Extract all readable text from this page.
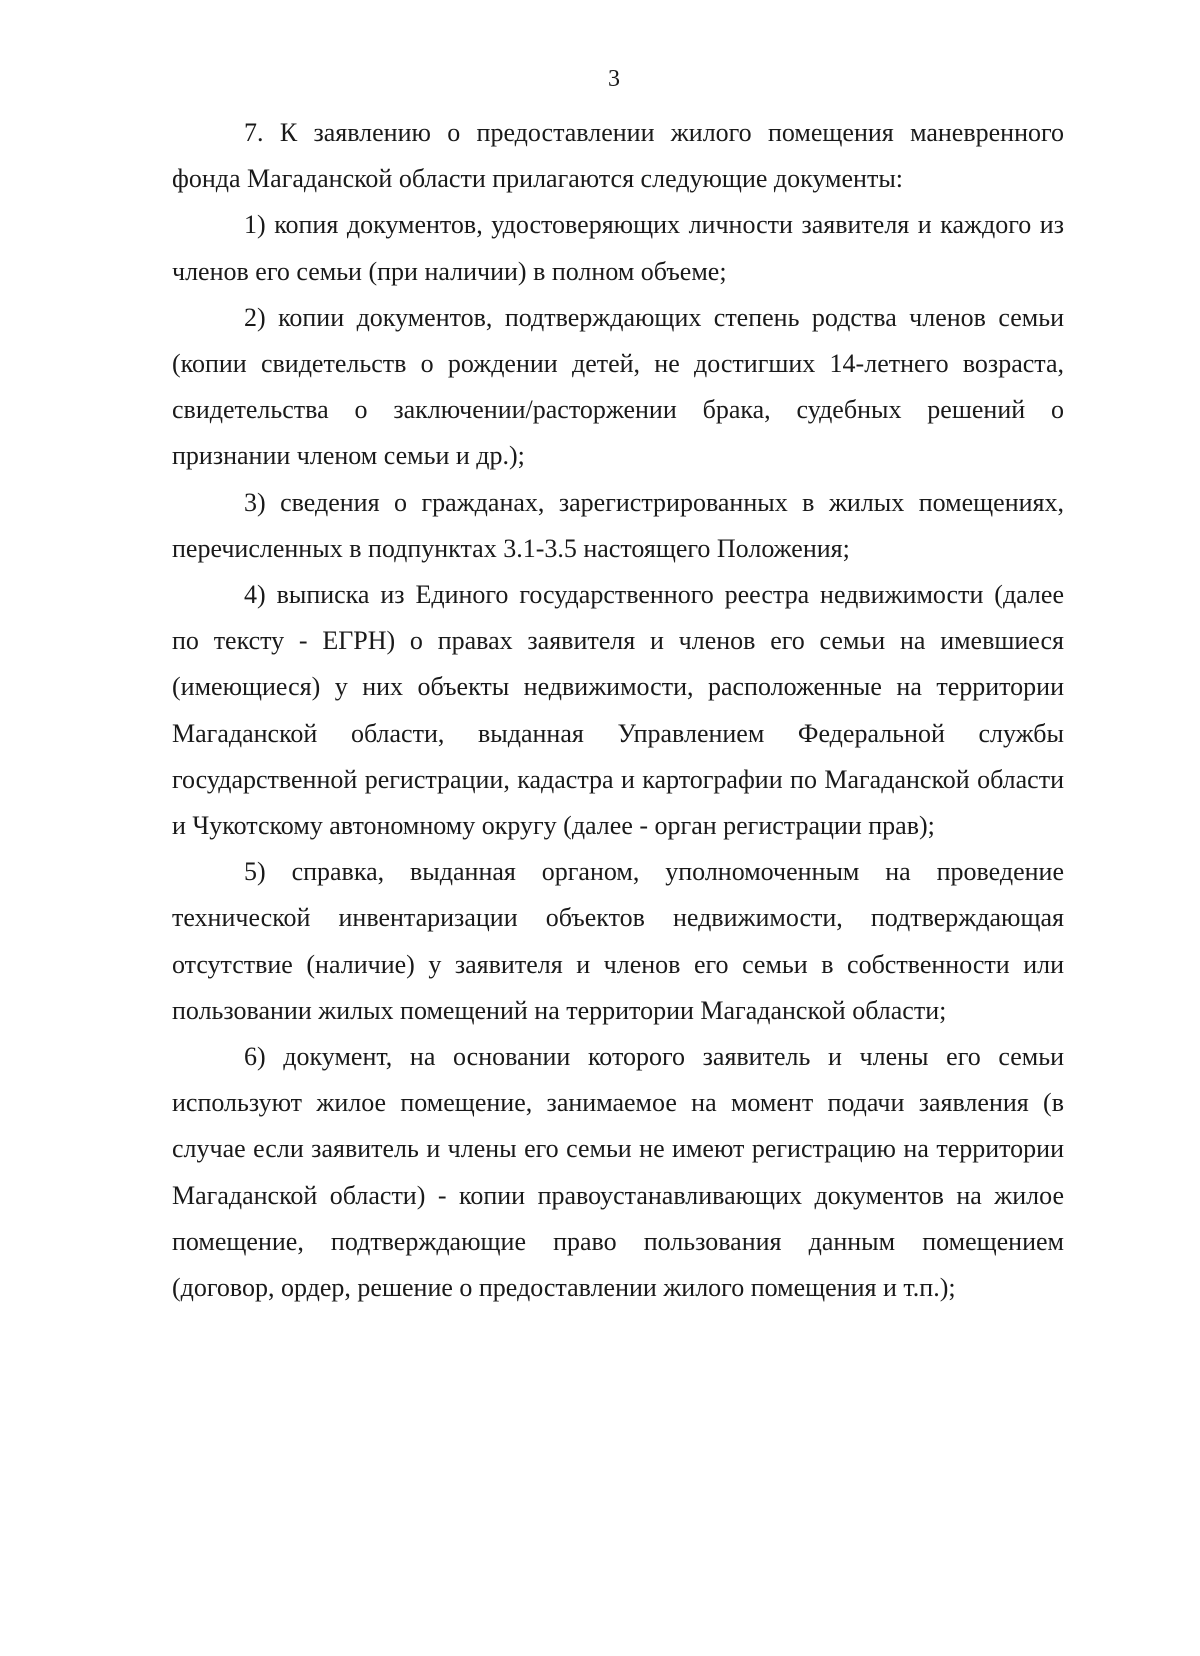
3

7. К заявлению о предоставлении жилого помещения маневренного фонда Магаданской области прилагаются следующие документы:

1) копия документов, удостоверяющих личности заявителя и каждого из членов его семьи (при наличии) в полном объеме;

2) копии документов, подтверждающих степень родства членов семьи (копии свидетельств о рождении детей, не достигших 14-летнего возраста, свидетельства о заключении/расторжении брака, судебных решений о признании членом семьи и др.);

3) сведения о гражданах, зарегистрированных в жилых помещениях, перечисленных в подпунктах 3.1-3.5 настоящего Положения;

4) выписка из Единого государственного реестра недвижимости (далее по тексту - ЕГРН) о правах заявителя и членов его семьи на имевшиеся (имеющиеся) у них объекты недвижимости, расположенные на территории Магаданской области, выданная Управлением Федеральной службы государственной регистрации, кадастра и картографии по Магаданской области и Чукотскому автономному округу (далее - орган регистрации прав);

5) справка, выданная органом, уполномоченным на проведение технической инвентаризации объектов недвижимости, подтверждающая отсутствие (наличие) у заявителя и членов его семьи в собственности или пользовании жилых помещений на территории Магаданской области;

6) документ, на основании которого заявитель и члены его семьи используют жилое помещение, занимаемое на момент подачи заявления (в случае если заявитель и члены его семьи не имеют регистрацию на территории Магаданской области) - копии правоустанавливающих документов на жилое помещение, подтверждающие право пользования данным помещением (договор, ордер, решение о предоставлении жилого помещения и т.п.);
